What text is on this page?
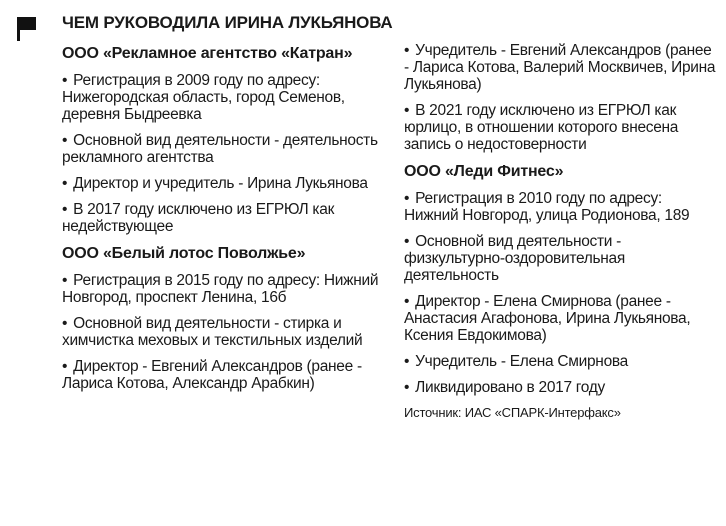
ЧЕМ РУКОВОДИЛА ИРИНА ЛУКЬЯНОВА
ООО «Рекламное агентство «Катран»
• Регистрация в 2009 году по адресу: Нижегородская область, город Семенов, деревня Быдреевка
• Основной вид деятельности - деятельность рекламного агентства
• Директор и учредитель - Ирина Лукьянова
• В 2017 году исключено из ЕГРЮЛ как недействующее
ООО «Белый лотос Поволжье»
• Регистрация в 2015 году по адресу: Нижний Новгород, проспект Ленина, 16б
• Основной вид деятельности - стирка и химчистка меховых и текстильных изделий
• Директор - Евгений Александров (ранее - Лариса Котова, Александр Арабкин)
• Учредитель - Евгений Александров (ранее - Лариса Котова, Валерий Москвичев, Ирина Лукьянова)
• В 2021 году исключено из ЕГРЮЛ как юрлицо, в отношении которого внесена запись о недостоверности
ООО «Леди Фитнес»
• Регистрация в 2010 году по адресу: Нижний Новгород, улица Родионова, 189
• Основной вид деятельности - физкультурно-оздоровительная деятельность
• Директор - Елена Смирнова (ранее - Анастасия Агафонова, Ирина Лукьянова, Ксения Евдокимова)
• Учредитель - Елена Смирнова
• Ликвидировано в 2017 году
Источник: ИАС «СПАРК-Интерфакс»
